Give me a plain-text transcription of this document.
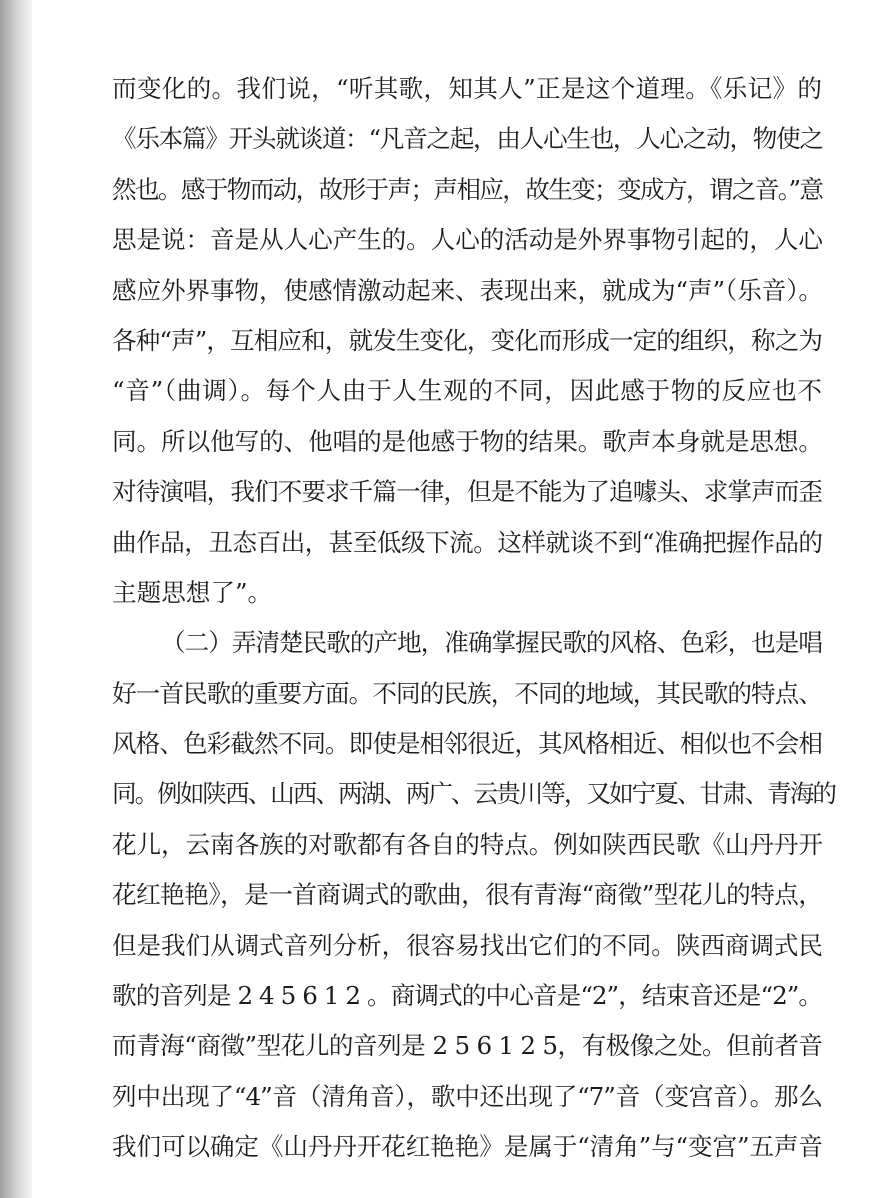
而变化的。我们说，“听其歌，知其人”正是这个道理。《乐记》的
《乐本篇》开头就谈道：“凡音之起，由人心生也，人心之动，物使之
然也。感于物而动，故形于声；声相应，故生变；变成方，谓之音。”意
思是说：音是从人心产生的。人心的活动是外界事物引起的，人心
感应外界事物，使感情激动起来、表现出来，就成为“声”（乐音）。
各种“声”，互相应和，就发生变化，变化而形成一定的组织，称之为
“音”（曲调）。每个人由于人生观的不同，因此感于物的反应也不
同。所以他写的、他唱的是他感于物的结果。歌声本身就是思想。
对待演唱，我们不要求千篇一律，但是不能为了追噱头、求掌声而歪
曲作品，丑态百出，甚至低级下流。这样就谈不到“准确把握作品的
主题思想了”。
（二）弄清楚民歌的产地，准确掌握民歌的风格、色彩，也是唱
好一首民歌的重要方面。不同的民族，不同的地域，其民歌的特点、
风格、色彩截然不同。即使是相邻很近，其风格相近、相似也不会相
同。例如陕西、山西、两湖、两广、云贵川等，又如宁夏、甘肃、青海的
花儿，云南各族的对歌都有各自的特点。例如陕西民歌《山丹丹开
花红艳艳》，是一首商调式的歌曲，很有青海“商徵”型花儿的特点，
但是我们从调式音列分析，很容易找出它们的不同。陕西商调式民
歌的音列是 2 4 5 6 1 2 。商调式的中心音是“2”，结束音还是“2”。
而青海“商徵”型花儿的音列是 2 5 6 1 2 5，有极像之处。但前者音
列中出现了“4”音（清角音），歌中还出现了“7”音（变宫音）。那么
我们可以确定《山丹丹开花红艳艳》是属于“清角”与“变宫”五声音
